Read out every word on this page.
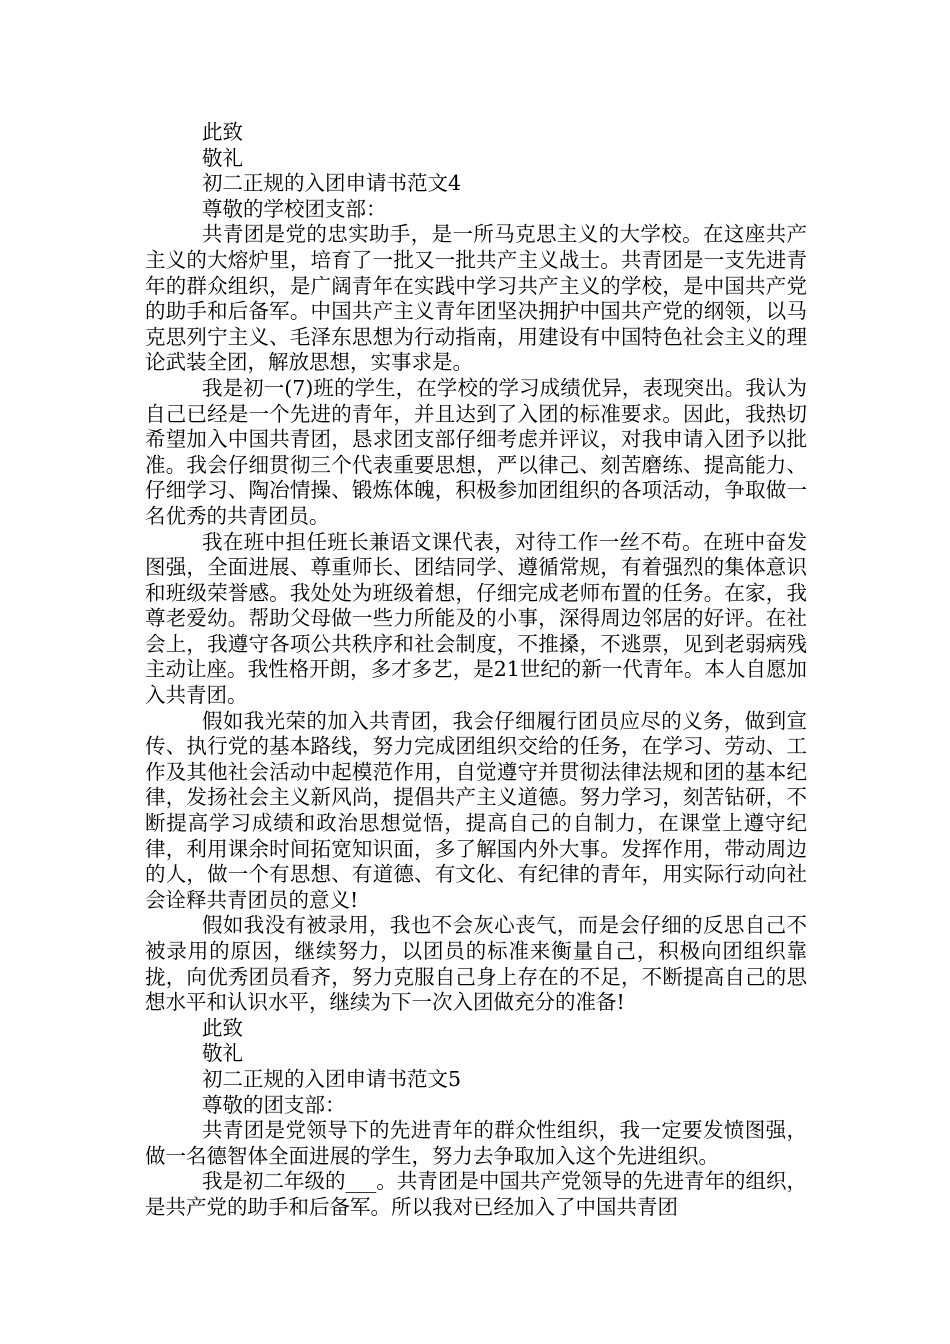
此致
敬礼
初二正规的入团申请书范文4
尊敬的学校团支部：

共青团是党的忠实助手，是一所马克思主义的大学校。在这座共产主义的大熔炉里，培育了一批又一批共产主义战士。共青团是一支先进青年的群众组织，是广阔青年在实践中学习共产主义的学校，是中国共产党的助手和后备军。中国共产主义青年团坚决拥护中国共产党的纲领，以马克思列宁主义、毛泽东思想为行动指南，用建设有中国特色社会主义的理论武装全团，解放思想，实事求是。

我是初一(7)班的学生，在学校的学习成绩优异，表现突出。我认为自己已经是一个先进的青年，并且达到了入团的标准要求。因此，我热切希望加入中国共青团，恳求团支部仔细考虑并评议，对我申请入团予以批准。我会仔细贯彻三个代表重要思想，严以律己、刻苦磨练、提高能力、仔细学习、陶冶情操、锻炼体魄，积极参加团组织的各项活动，争取做一名优秀的共青团员。

我在班中担任班长兼语文课代表，对待工作一丝不苟。在班中奋发图强，全面进展、尊重师长、团结同学、遵循常规，有着强烈的集体意识和班级荣誉感。我处处为班级着想，仔细完成老师布置的任务。在家，我尊老爱幼。帮助父母做一些力所能及的小事，深得周边邻居的好评。在社会上，我遵守各项公共秩序和社会制度，不推搡，不逃票，见到老弱病残主动让座。我性格开朗，多才多艺，是21世纪的新一代青年。本人自愿加入共青团。

假如我光荣的加入共青团，我会仔细履行团员应尽的义务，做到宣传、执行党的基本路线，努力完成团组织交给的任务，在学习、劳动、工作及其他社会活动中起模范作用，自觉遵守并贯彻法律法规和团的基本纪律，发扬社会主义新风尚，提倡共产主义道德。努力学习，刻苦钻研，不断提高学习成绩和政治思想觉悟，提高自己的自制力，在课堂上遵守纪律，利用课余时间拓宽知识面，多了解国内外大事。发挥作用，带动周边的人，做一个有思想、有道德、有文化、有纪律的青年，用实际行动向社会诠释共青团员的意义!

假如我没有被录用，我也不会灰心丧气，而是会仔细的反思自己不被录用的原因，继续努力，以团员的标准来衡量自己，积极向团组织靠拢，向优秀团员看齐，努力克服自己身上存在的不足，不断提高自己的思想水平和认识水平，继续为下一次入团做充分的准备!

此致
敬礼
初二正规的入团申请书范文5
尊敬的团支部：

共青团是党领导下的先进青年的群众性组织，我一定要发愤图强，做一名德智体全面进展的学生，努力去争取加入这个先进组织。

我是初二年级的___。共青团是中国共产党领导的先进青年的组织，是共产党的助手和后备军。所以我对已经加入了中国共青团
